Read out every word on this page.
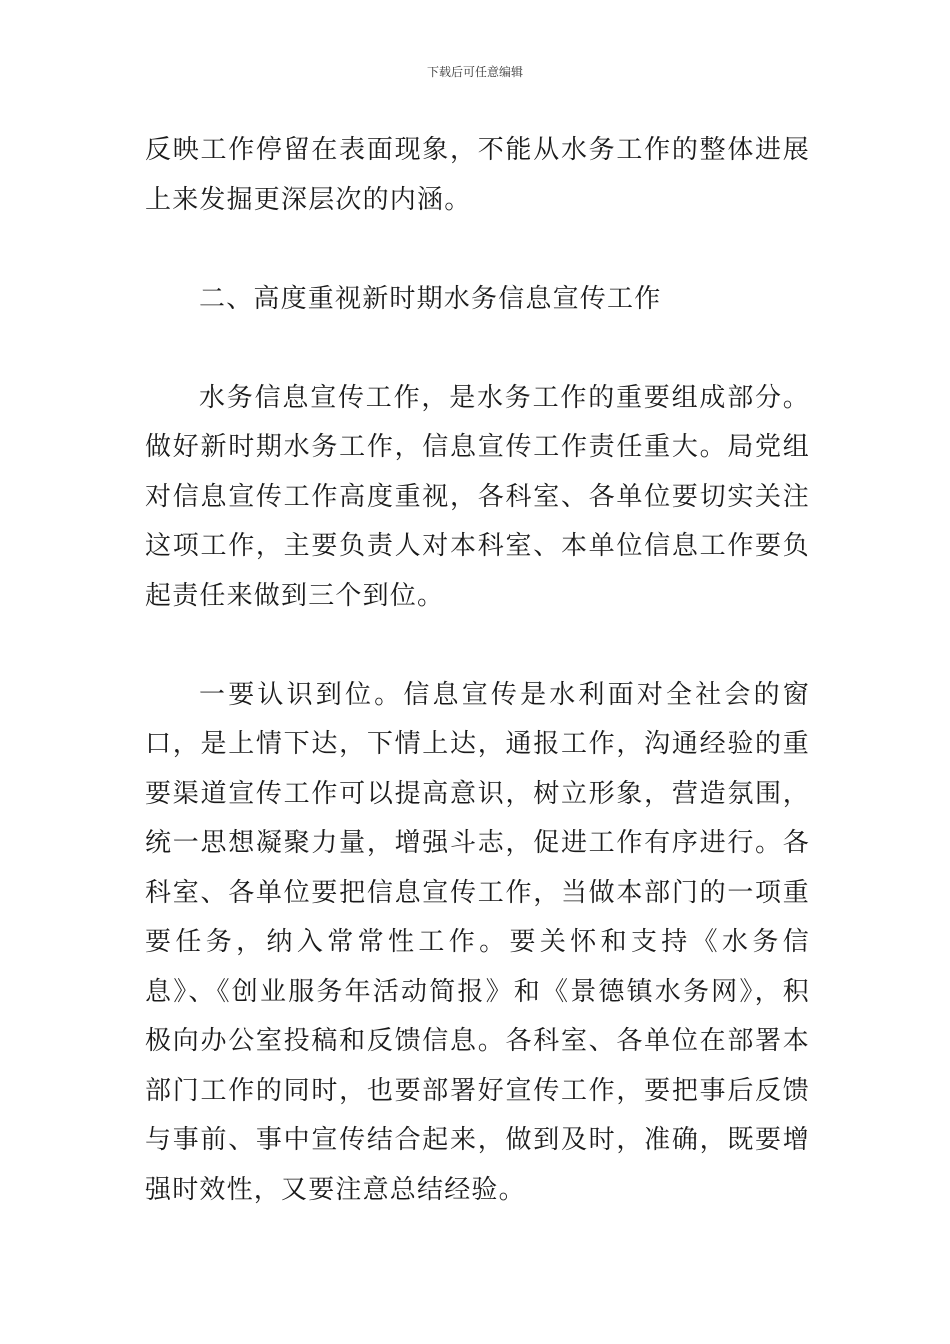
下载后可任意编辑

反映工作停留在表面现象，不能从水务工作的整体进展上来发掘更深层次的内涵。

二、高度重视新时期水务信息宣传工作

水务信息宣传工作，是水务工作的重要组成部分。做好新时期水务工作，信息宣传工作责任重大。局党组对信息宣传工作高度重视，各科室、各单位要切实关注这项工作，主要负责人对本科室、本单位信息工作要负起责任来做到三个到位。

一要认识到位。信息宣传是水利面对全社会的窗口，是上情下达，下情上达，通报工作，沟通经验的重要渠道宣传工作可以提高意识，树立形象，营造氛围，统一思想凝聚力量，增强斗志，促进工作有序进行。各科室、各单位要把信息宣传工作，当做本部门的一项重要任务，纳入常常性工作。要关怀和支持《水务信息》、《创业服务年活动简报》和《景德镇水务网》，积极向办公室投稿和反馈信息。各科室、各单位在部署本部门工作的同时，也要部署好宣传工作，要把事后反馈与事前、事中宣传结合起来，做到及时，准确，既要增强时效性，又要注意总结经验。
